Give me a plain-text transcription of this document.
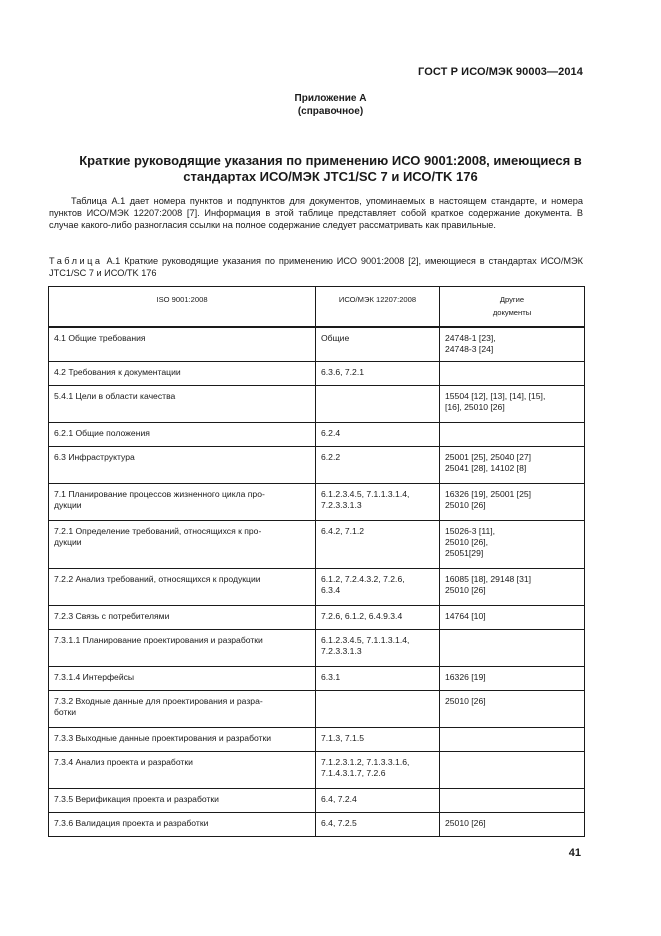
ГОСТ Р ИСО/МЭК 90003—2014
Приложение А
(справочное)
Краткие руководящие указания по применению ИСО 9001:2008, имеющиеся в
стандартах ИСО/МЭК JTC1/SC 7 и ИСО/TK 176
Таблица А.1 дает номера пунктов и подпунктов для документов, упоминаемых в настоящем стандарте, и номера пунктов ИСО/МЭК 12207:2008 [7]. Информация в этой таблице представляет собой краткое содержание документа. В случае какого-либо разногласия ссылки на полное содержание следует рассматривать как правильные.
Таблица А.1 Краткие руководящие указания по применению ИСО 9001:2008 [2], имеющиеся в стандартах ИСО/МЭК JTC1/SC 7 и ИСО/TK 176
ISO 9001:2008	ИСО/МЭК 12207:2008	Другие
документы
4.1 Общие требования	Общие	24748-1 [23],
24748-3 [24]
4.2 Требования к документации	6.3.6, 7.2.1	
5.4.1 Цели в области качества		15504 [12], [13], [14], [15],
[16], 25010 [26]
6.2.1 Общие положения	6.2.4	
6.3 Инфраструктура	6.2.2	25001 [25], 25040 [27]
25041 [28], 14102 [8]
7.1 Планирование процессов жизненного цикла про-
дукции	6.1.2.3.4.5, 7.1.1.3.1.4,
7.2.3.3.1.3	16326 [19], 25001 [25]
25010 [26]
7.2.1 Определение требований, относящихся к про-
дукции	6.4.2, 7.1.2	15026-3 [11],
25010 [26],
25051[29]
7.2.2 Анализ требований, относящихся к продукции	6.1.2, 7.2.4.3.2, 7.2.6,
6.3.4	16085 [18], 29148 [31]
25010 [26]
7.2.3 Связь с потребителями	7.2.6, 6.1.2, 6.4.9.3.4	14764 [10]
7.3.1.1 Планирование проектирования и разработки	6.1.2.3.4.5, 7.1.1.3.1.4,
7.2.3.3.1.3	
7.3.1.4 Интерфейсы	6.3.1	16326 [19]
7.3.2 Входные данные для проектирования и разра-
ботки		25010 [26]
7.3.3 Выходные данные проектирования и разработки	7.1.3, 7.1.5	
7.3.4 Анализ проекта и разработки	7.1.2.3.1.2, 7.1.3.3.1.6,
7.1.4.3.1.7, 7.2.6	
7.3.5 Верификация проекта и разработки	6.4, 7.2.4	
7.3.6 Валидация проекта и разработки	6.4, 7.2.5	25010 [26]
41
